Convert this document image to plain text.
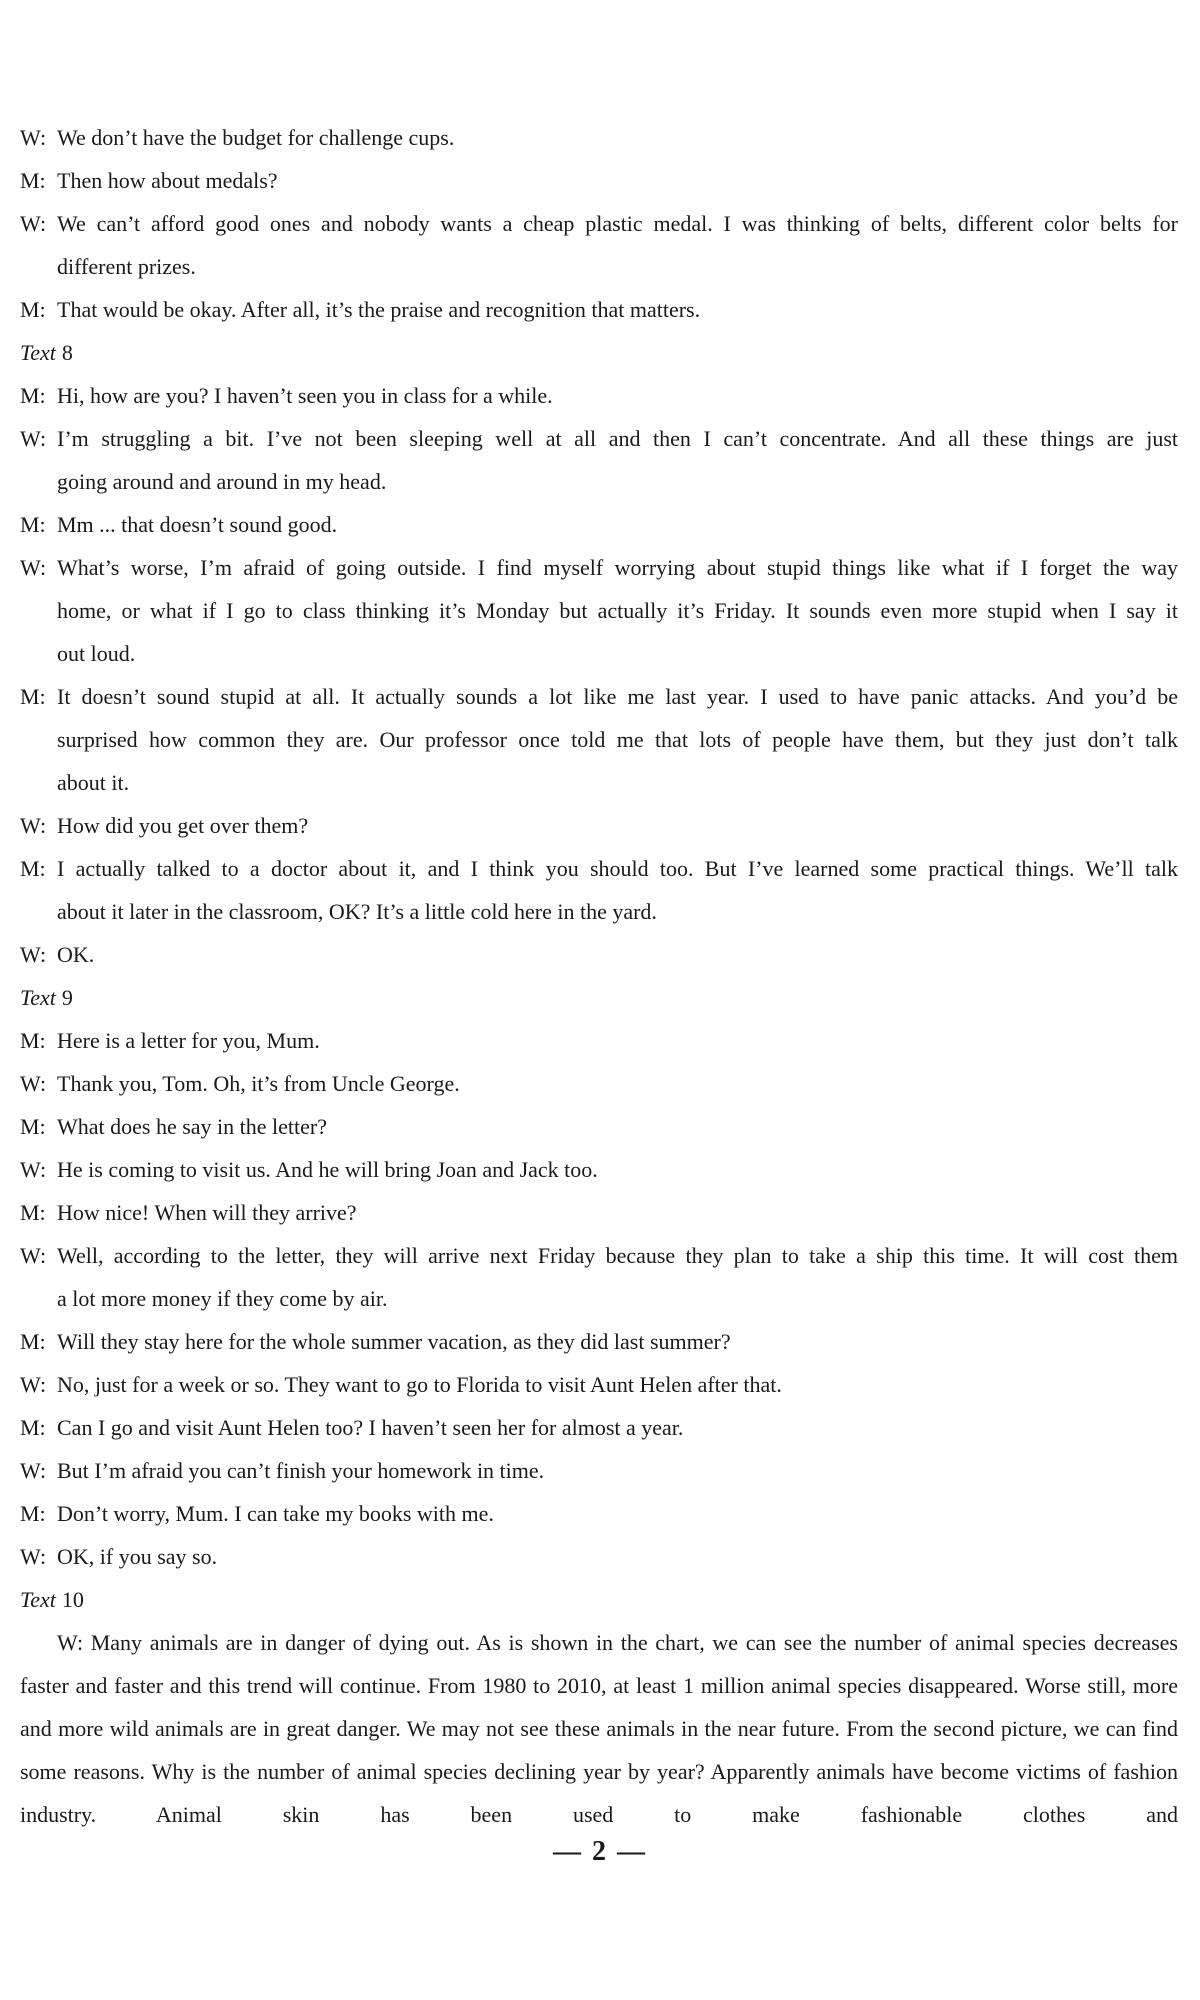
W: We don’t have the budget for challenge cups.
M: Then how about medals?
W: We can’t afford good ones and nobody wants a cheap plastic medal. I was thinking of belts, different color belts for
different prizes.
M: That would be okay. After all, it’s the praise and recognition that matters.
Text 8
M: Hi, how are you? I haven’t seen you in class for a while.
W: I’m struggling a bit. I’ve not been sleeping well at all and then I can’t concentrate. And all these things are just
going around and around in my head.
M: Mm ... that doesn’t sound good.
W: What’s worse, I’m afraid of going outside. I find myself worrying about stupid things like what if I forget the way
home, or what if I go to class thinking it’s Monday but actually it’s Friday. It sounds even more stupid when I say it
out loud.
M: It doesn’t sound stupid at all. It actually sounds a lot like me last year. I used to have panic attacks. And you’d be
surprised how common they are. Our professor once told me that lots of people have them, but they just don’t talk
about it.
W: How did you get over them?
M: I actually talked to a doctor about it, and I think you should too. But I’ve learned some practical things. We’ll talk
about it later in the classroom, OK? It’s a little cold here in the yard.
W: OK.
Text 9
M: Here is a letter for you, Mum.
W: Thank you, Tom. Oh, it’s from Uncle George.
M: What does he say in the letter?
W: He is coming to visit us. And he will bring Joan and Jack too.
M: How nice! When will they arrive?
W: Well, according to the letter, they will arrive next Friday because they plan to take a ship this time. It will cost them
a lot more money if they come by air.
M: Will they stay here for the whole summer vacation, as they did last summer?
W: No, just for a week or so. They want to go to Florida to visit Aunt Helen after that.
M: Can I go and visit Aunt Helen too? I haven’t seen her for almost a year.
W: But I’m afraid you can’t finish your homework in time.
M: Don’t worry, Mum. I can take my books with me.
W: OK, if you say so.
Text 10
W: Many animals are in danger of dying out. As is shown in the chart, we can see the number of animal species decreases faster and faster and this trend will continue. From 1980 to 2010, at least 1 million animal species disappeared. Worse still, more and more wild animals are in great danger. We may not see these animals in the near future. From the second picture, we can find some reasons. Why is the number of animal species declining year by year? Apparently animals have become victims of fashion industry. Animal skin has been used to make fashionable clothes and
— 2 —
